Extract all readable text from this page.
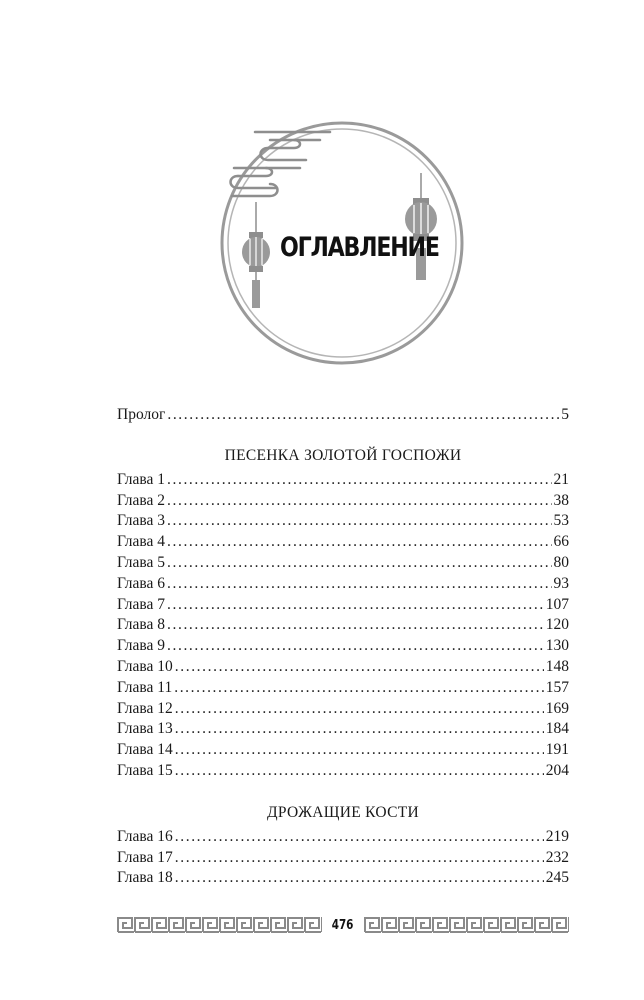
ОГЛАВЛЕНИЕ
Пролог .....	5
ПЕСЕНКА ЗОЛОТОЙ ГОСПОЖИ
Глава 1 .....	21
Глава 2 .....	38
Глава 3 .....	53
Глава 4 .....	66
Глава 5 .....	80
Глава 6 .....	93
Глава 7 .....	107
Глава 8 .....	120
Глава 9 .....	130
Глава 10 .....	148
Глава 11 .....	157
Глава 12 .....	169
Глава 13 .....	184
Глава 14 .....	191
Глава 15 .....	204
ДРОЖАЩИЕ КОСТИ
Глава 16 .....	219
Глава 17 .....	232
Глава 18 .....	245
476
